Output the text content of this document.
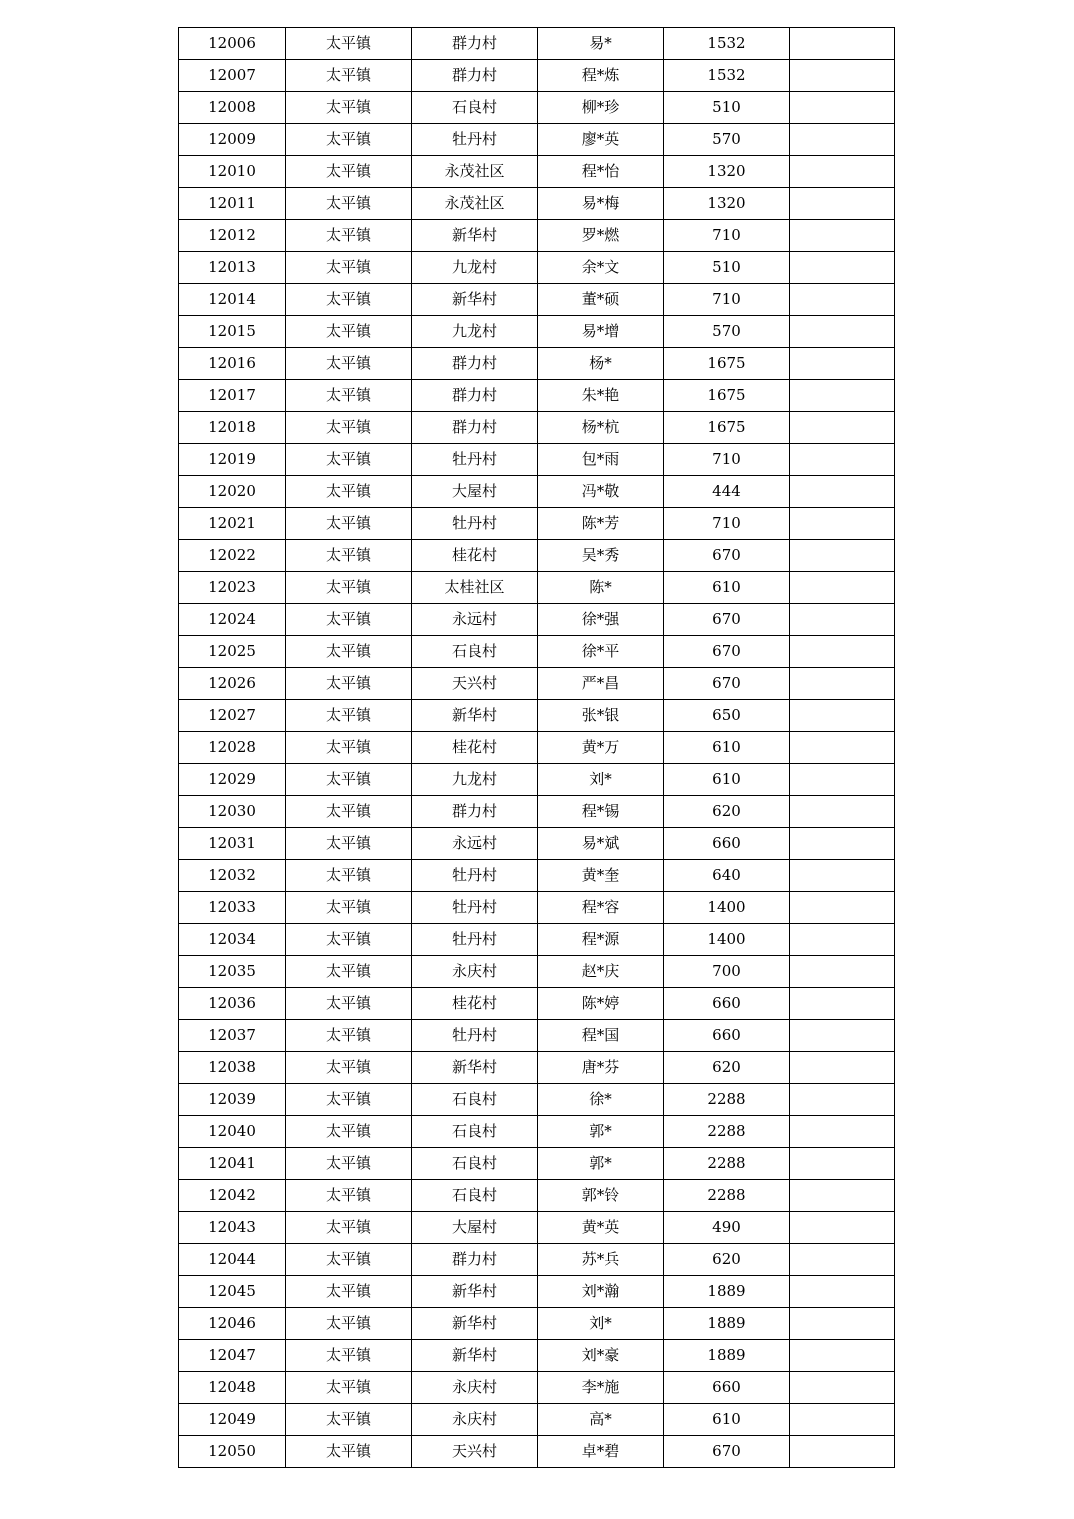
12006	太平镇	群力村	易*	1532	
12007	太平镇	群力村	程*炼	1532	
12008	太平镇	石良村	柳*珍	510	
12009	太平镇	牡丹村	廖*英	570	
12010	太平镇	永茂社区	程*怡	1320	
12011	太平镇	永茂社区	易*梅	1320	
12012	太平镇	新华村	罗*燃	710	
12013	太平镇	九龙村	余*文	510	
12014	太平镇	新华村	董*硕	710	
12015	太平镇	九龙村	易*增	570	
12016	太平镇	群力村	杨*	1675	
12017	太平镇	群力村	朱*艳	1675	
12018	太平镇	群力村	杨*杭	1675	
12019	太平镇	牡丹村	包*雨	710	
12020	太平镇	大屋村	冯*敬	444	
12021	太平镇	牡丹村	陈*芳	710	
12022	太平镇	桂花村	吴*秀	670	
12023	太平镇	太桂社区	陈*	610	
12024	太平镇	永远村	徐*强	670	
12025	太平镇	石良村	徐*平	670	
12026	太平镇	天兴村	严*昌	670	
12027	太平镇	新华村	张*银	650	
12028	太平镇	桂花村	黄*万	610	
12029	太平镇	九龙村	刘*	610	
12030	太平镇	群力村	程*锡	620	
12031	太平镇	永远村	易*斌	660	
12032	太平镇	牡丹村	黄*奎	640	
12033	太平镇	牡丹村	程*容	1400	
12034	太平镇	牡丹村	程*源	1400	
12035	太平镇	永庆村	赵*庆	700	
12036	太平镇	桂花村	陈*婷	660	
12037	太平镇	牡丹村	程*国	660	
12038	太平镇	新华村	唐*芬	620	
12039	太平镇	石良村	徐*	2288	
12040	太平镇	石良村	郭*	2288	
12041	太平镇	石良村	郭*	2288	
12042	太平镇	石良村	郭*铃	2288	
12043	太平镇	大屋村	黄*英	490	
12044	太平镇	群力村	苏*兵	620	
12045	太平镇	新华村	刘*瀚	1889	
12046	太平镇	新华村	刘*	1889	
12047	太平镇	新华村	刘*豪	1889	
12048	太平镇	永庆村	李*施	660	
12049	太平镇	永庆村	高*	610	
12050	太平镇	天兴村	卓*碧	670	
